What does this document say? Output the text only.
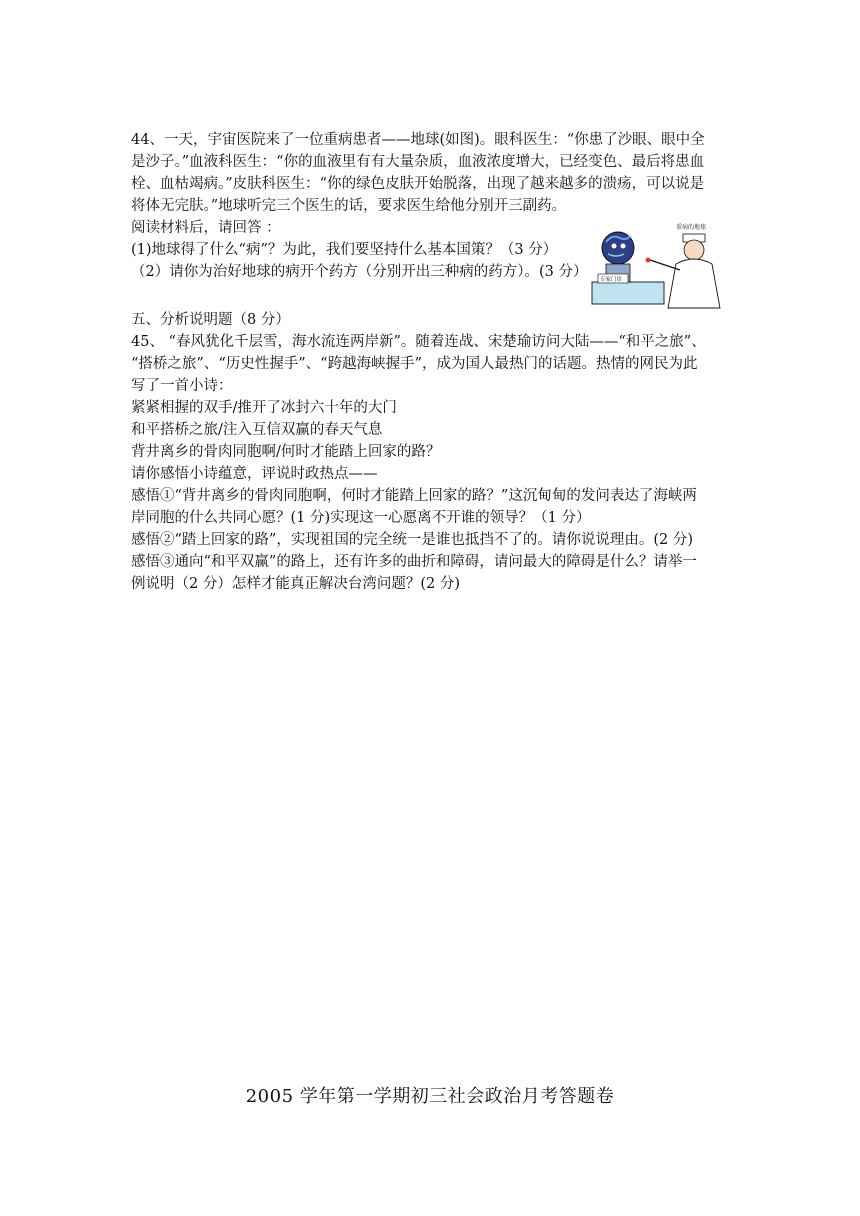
44、一天，宇宙医院来了一位重病患者——地球(如图)。眼科医生：“你患了沙眼、眼中全
是沙子。”血液科医生：“你的血液里有有大量杂质，血液浓度增大，已经变色、最后将患血
栓、血枯竭病。”皮肤科医生：“你的绿色皮肤开始脱落，出现了越来越多的溃疡，可以说是
将体无完肤。”地球听完三个医生的话，要求医生给他分别开三副药。
阅读材料后，请回答 ：
(1)地球得了什么“病”？为此，我们要坚持什么基本国策？（3 分）
（2）请你为治好地球的病开个药方（分别开出三种病的药方）。(3 分）
重病的地球
专家门诊
五、分析说明题（8 分）
45、 “春风犹化千层雪，海水流连两岸新”。随着连战、宋楚瑜访问大陆——“和平之旅”、
“搭桥之旅”、“历史性握手”、“跨越海峡握手”，成为国人最热门的话题。热情的网民为此
写了一首小诗：
紧紧相握的双手/推开了冰封六十年的大门
和平搭桥之旅/注入互信双赢的春天气息
背井离乡的骨肉同胞啊/何时才能踏上回家的路？
请你感悟小诗蕴意，评说时政热点——
感悟①“背井离乡的骨肉同胞啊，何时才能踏上回家的路？”这沉甸甸的发问表达了海峡两
岸同胞的什么共同心愿？(1 分)实现这一心愿离不开谁的领导？（1 分）
感悟②“踏上回家的路”，实现祖国的完全统一是谁也抵挡不了的。请你说说理由。(2 分)
感悟③通向“和平双赢”的路上，还有许多的曲折和障碍，请问最大的障碍是什么？请举一
例说明（2 分）怎样才能真正解决台湾问题？(2 分)
2005 学年第一学期初三社会政治月考答题卷
